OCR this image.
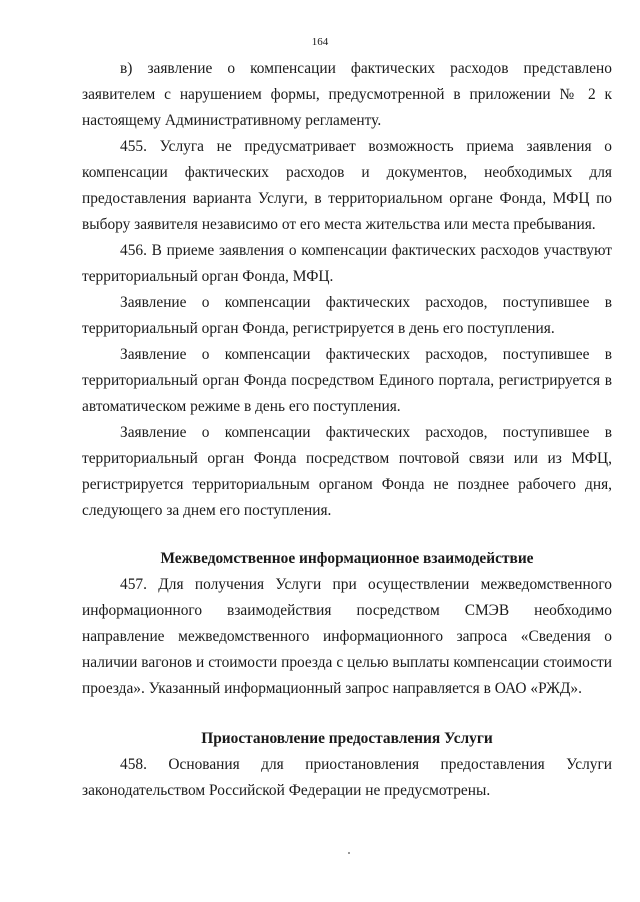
164

в) заявление о компенсации фактических расходов представлено заявителем с нарушением формы, предусмотренной в приложении № 2 к настоящему Административному регламенту.

455. Услуга не предусматривает возможность приема заявления о компенсации фактических расходов и документов, необходимых для предоставления варианта Услуги, в территориальном органе Фонда, МФЦ по выбору заявителя независимо от его места жительства или места пребывания.

456. В приеме заявления о компенсации фактических расходов участвуют территориальный орган Фонда, МФЦ.

Заявление о компенсации фактических расходов, поступившее в территориальный орган Фонда, регистрируется в день его поступления.

Заявление о компенсации фактических расходов, поступившее в территориальный орган Фонда посредством Единого портала, регистрируется в автоматическом режиме в день его поступления.

Заявление о компенсации фактических расходов, поступившее в территориальный орган Фонда посредством почтовой связи или из МФЦ, регистрируется территориальным органом Фонда не позднее рабочего дня, следующего за днем его поступления.

Межведомственное информационное взаимодействие

457. Для получения Услуги при осуществлении межведомственного информационного взаимодействия посредством СМЭВ необходимо направление межведомственного информационного запроса «Сведения о наличии вагонов и стоимости проезда с целью выплаты компенсации стоимости проезда». Указанный информационный запрос направляется в ОАО «РЖД».

Приостановление предоставления Услуги

458. Основания для приостановления предоставления Услуги законодательством Российской Федерации не предусмотрены.
